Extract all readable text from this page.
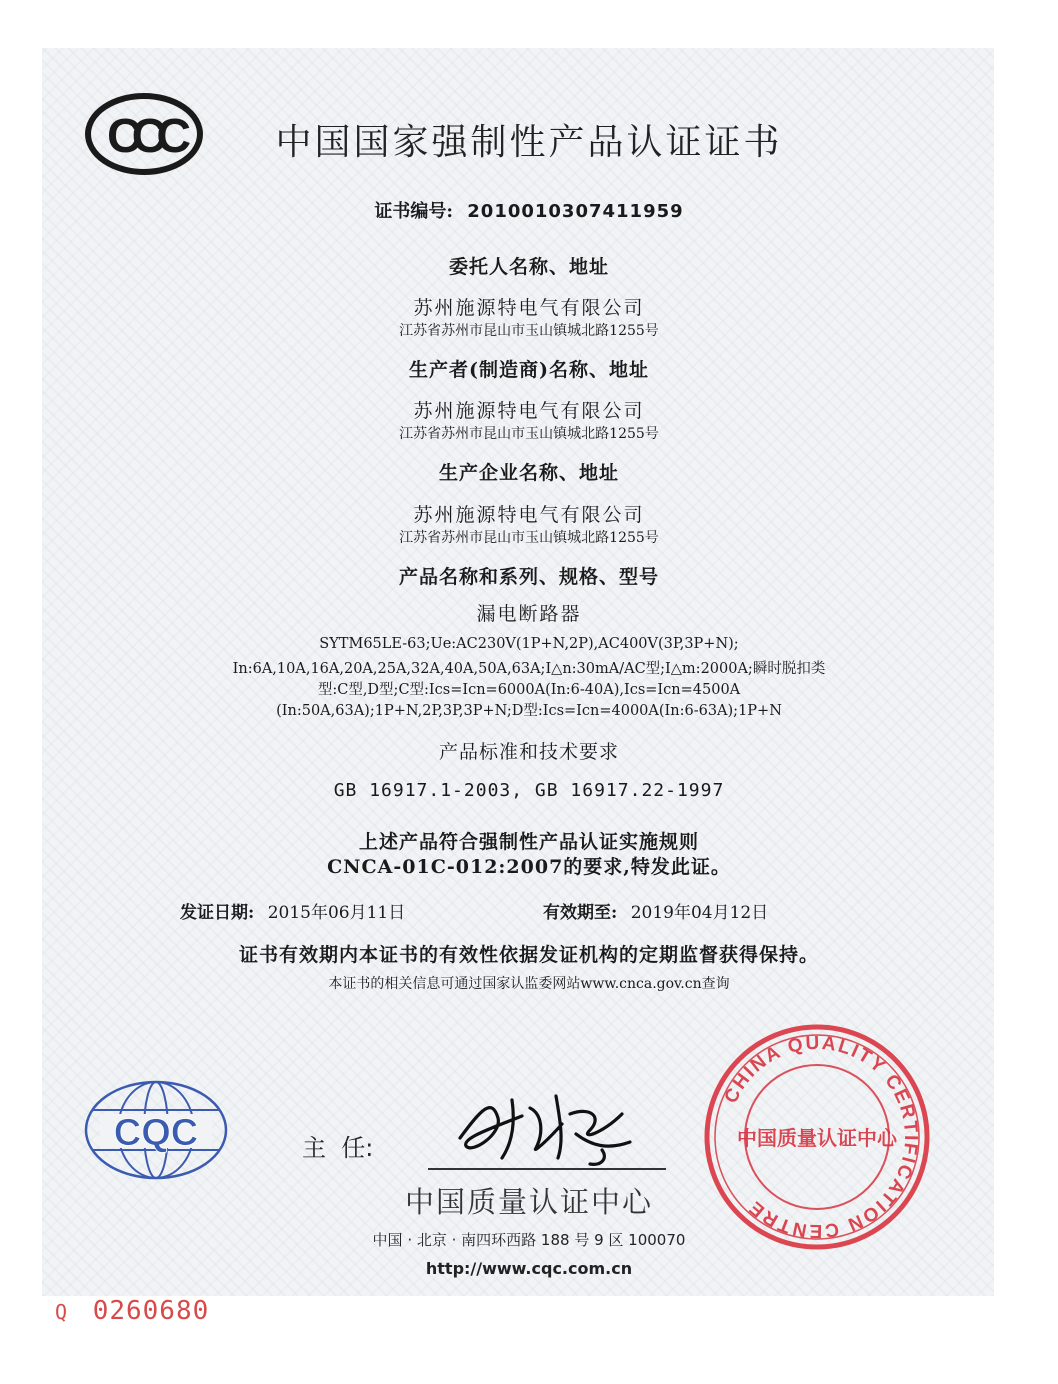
CCC	中国国家强制性产品认证证书
证书编号: 2010010307411959
委托人名称、地址
苏州施源特电气有限公司
江苏省苏州市昆山市玉山镇城北路1255号
生产者(制造商)名称、地址
苏州施源特电气有限公司
江苏省苏州市昆山市玉山镇城北路1255号
生产企业名称、地址
苏州施源特电气有限公司
江苏省苏州市昆山市玉山镇城北路1255号
产品名称和系列、规格、型号
漏电断路器
SYTM65LE-63;Ue:AC230V(1P+N,2P),AC400V(3P,3P+N);
In:6A,10A,16A,20A,25A,32A,40A,50A,63A;I△n:30mA/AC型;I△m:2000A;瞬时脱扣类
型:C型,D型;C型:Ics=Icn=6000A(In:6-40A),Ics=Icn=4500A
(In:50A,63A);1P+N,2P,3P,3P+N;D型:Ics=Icn=4000A(In:6-63A);1P+N
产品标准和技术要求
GB 16917.1-2003, GB 16917.22-1997
上述产品符合强制性产品认证实施规则
CNCA-01C-012:2007的要求,特发此证。
发证日期: 2015年06月11日	有效期至: 2019年04月12日
证书有效期内本证书的有效性依据发证机构的定期监督获得保持。
本证书的相关信息可通过国家认监委网站www.cnca.gov.cn查询
CQC	主  任:
中国质量认证中心
中国 · 北京 · 南四环西路 188 号 9 区 100070
http://www.cqc.com.cn
CHINA QUALITY CERTIFICATION CENTRE
中国质量认证中心
Q 0260680
